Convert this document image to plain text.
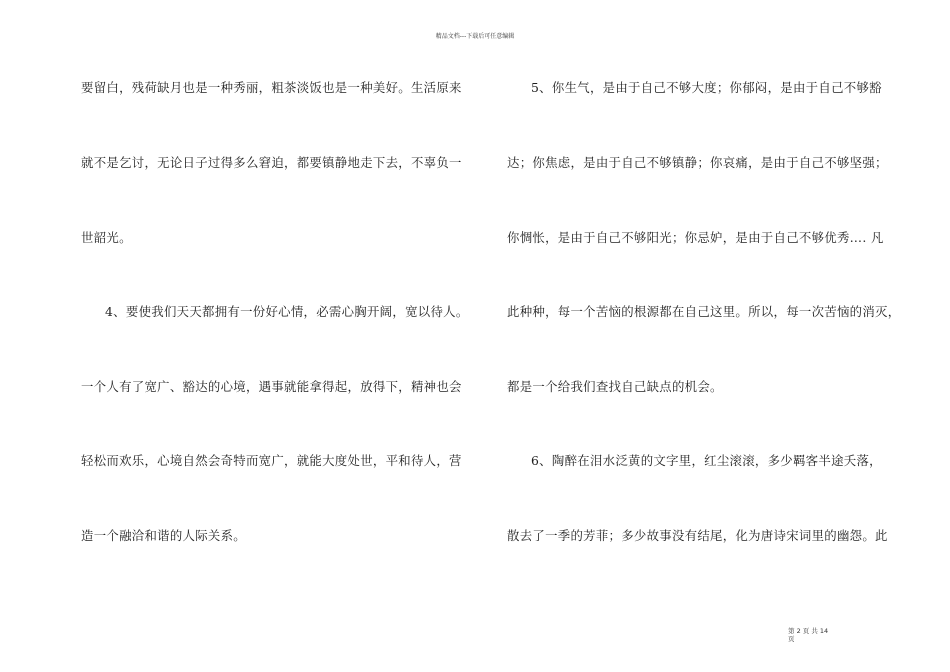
精品文档---下载后可任意编辑
要留白，残荷缺月也是一种秀丽，粗茶淡饭也是一种美好。生活原来
就不是乞讨，无论日子过得多么窘迫，都要镇静地走下去，不辜负一
世韶光。
4、要使我们天天都拥有一份好心情，必需心胸开阔，宽以待人。
一个人有了宽广、豁达的心境，遇事就能拿得起，放得下，精神也会
轻松而欢乐，心境自然会奇特而宽广，就能大度处世，平和待人，营
造一个融洽和谐的人际关系。
5、你生气，是由于自己不够大度；你郁闷，是由于自己不够豁
达；你焦虑，是由于自己不够镇静；你哀痛，是由于自己不够坚强；
你惆怅，是由于自己不够阳光；你忌妒，是由于自己不够优秀…. 凡
此种种，每一个苦恼的根源都在自己这里。所以，每一次苦恼的消灭，
都是一个给我们查找自己缺点的机会。
6、陶醉在泪水泛黄的文字里，红尘滚滚，多少羁客半途夭落，
散去了一季的芳菲；多少故事没有结尾，化为唐诗宋词里的幽怨。此
第 2 页 共 14
页
